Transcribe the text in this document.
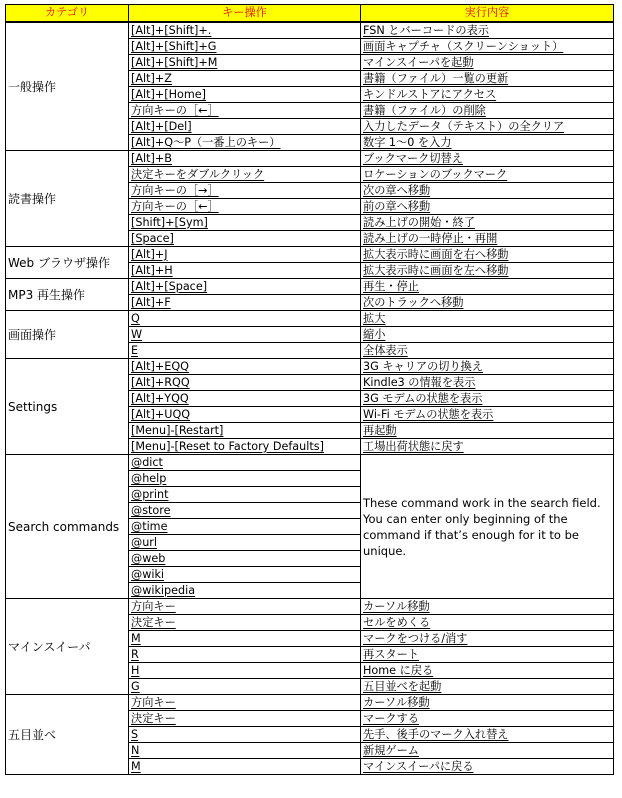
カテゴリ	キー操作	実行内容
一般操作	[Alt]+[Shift]+.	FSN とバーコードの表示
	[Alt]+[Shift]+G	画面キャプチャ（スクリーンショット）
	[Alt]+[Shift]+M	マインスイーパを起動
	[Alt]+Z	書籍（ファイル）一覧の更新
	[Alt]+[Home]	キンドルストアにアクセス
	方向キーの［←］	書籍（ファイル）の削除
	[Alt]+[Del]	入力したデータ（テキスト）の全クリア
	[Alt]+Q～P（一番上のキー）	数字 1～0 を入力
読書操作	[Alt]+B	ブックマーク切替え
	決定キーをダブルクリック	ロケーションのブックマーク
	方向キーの［→］	次の章へ移動
	方向キーの［←］	前の章へ移動
	[Shift]+[Sym]	読み上げの開始・終了
	[Space]	読み上げの一時停止・再開
Web ブラウザ操作	[Alt]+J	拡大表示時に画面を右へ移動
	[Alt]+H	拡大表示時に画面を左へ移動
MP3 再生操作	[Alt]+[Space]	再生・停止
	[Alt]+F	次のトラックへ移動
画面操作	Q	拡大
	W	縮小
	E	全体表示
Settings	[Alt]+EQQ	3G キャリアの切り換え
	[Alt]+RQQ	Kindle3 の情報を表示
	[Alt]+YQQ	3G モデムの状態を表示
	[Alt]+UQQ	Wi-Fi モデムの状態を表示
	[Menu]-[Restart]	再起動
	[Menu]-[Reset to Factory Defaults]	工場出荷状態に戻す
Search commands	@dict	These command work in the search field. You can enter only beginning of the command if that’s enough for it to be unique.
	@help	
	@print	
	@store	
	@time	
	@url	
	@web	
	@wiki	
	@wikipedia	
マインスイーパ	方向キー	カーソル移動
	決定キー	セルをめくる
	M	マークをつける/消す
	R	再スタート
	H	Home に戻る
	G	五目並べを起動
五目並べ	方向キー	カーソル移動
	決定キー	マークする
	S	先手、後手のマーク入れ替え
	N	新規ゲーム
	M	マインスイーパに戻る
